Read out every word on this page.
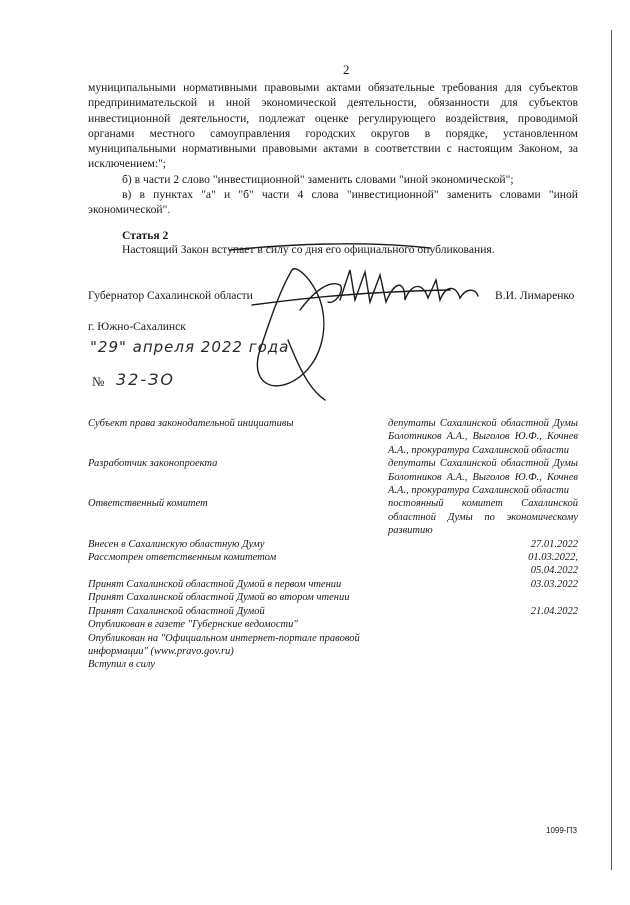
2

муниципальными нормативными правовыми актами обязательные требования для субъектов предпринимательской и иной экономической деятельности, обязанности для субъектов инвестиционной деятельности, подлежат оценке регулирующего воздействия, проводимой органами местного самоуправления городских округов в порядке, установленном муниципальными нормативными правовыми актами в соответствии с настоящим Законом, за исключением:";

б) в части 2 слово "инвестиционной" заменить словами "иной экономической";

в) в пунктах "а" и "б" части 4 слова "инвестиционной" заменить словами "иной экономической".

Статья 2
Настоящий Закон вступает в силу со дня его официального опубликования.
Губернатор Сахалинской области	В.И. Лимаренко
г. Южно-Сахалинск
"29" апреля 2022 года
№ 32-ЗО
Субъект права законодательной инициативы	депутаты Сахалинской областной Думы Болотников А.А., Выголов Ю.Ф., Кочнев А.А., прокуратура Сахалинской области
Разработчик законопроекта	депутаты Сахалинской областной Думы Болотников А.А., Выголов Ю.Ф., Кочнев А.А., прокуратура Сахалинской области
Ответственный комитет	постоянный комитет Сахалинской областной Думы по экономическому развитию
Внесен в Сахалинскую областную Думу	27.01.2022
Рассмотрен ответственным комитетом	01.03.2022,
05.04.2022
Принят Сахалинской областной Думой в первом чтении	03.03.2022
Принят Сахалинской областной Думой во втором чтении
Принят Сахалинской областной Думой	21.04.2022
Опубликован в газете "Губернские ведомости"
Опубликован на "Официальном интернет-портале правовой информации" (www.pravo.gov.ru)
Вступил в силу
1099-ПЗ
